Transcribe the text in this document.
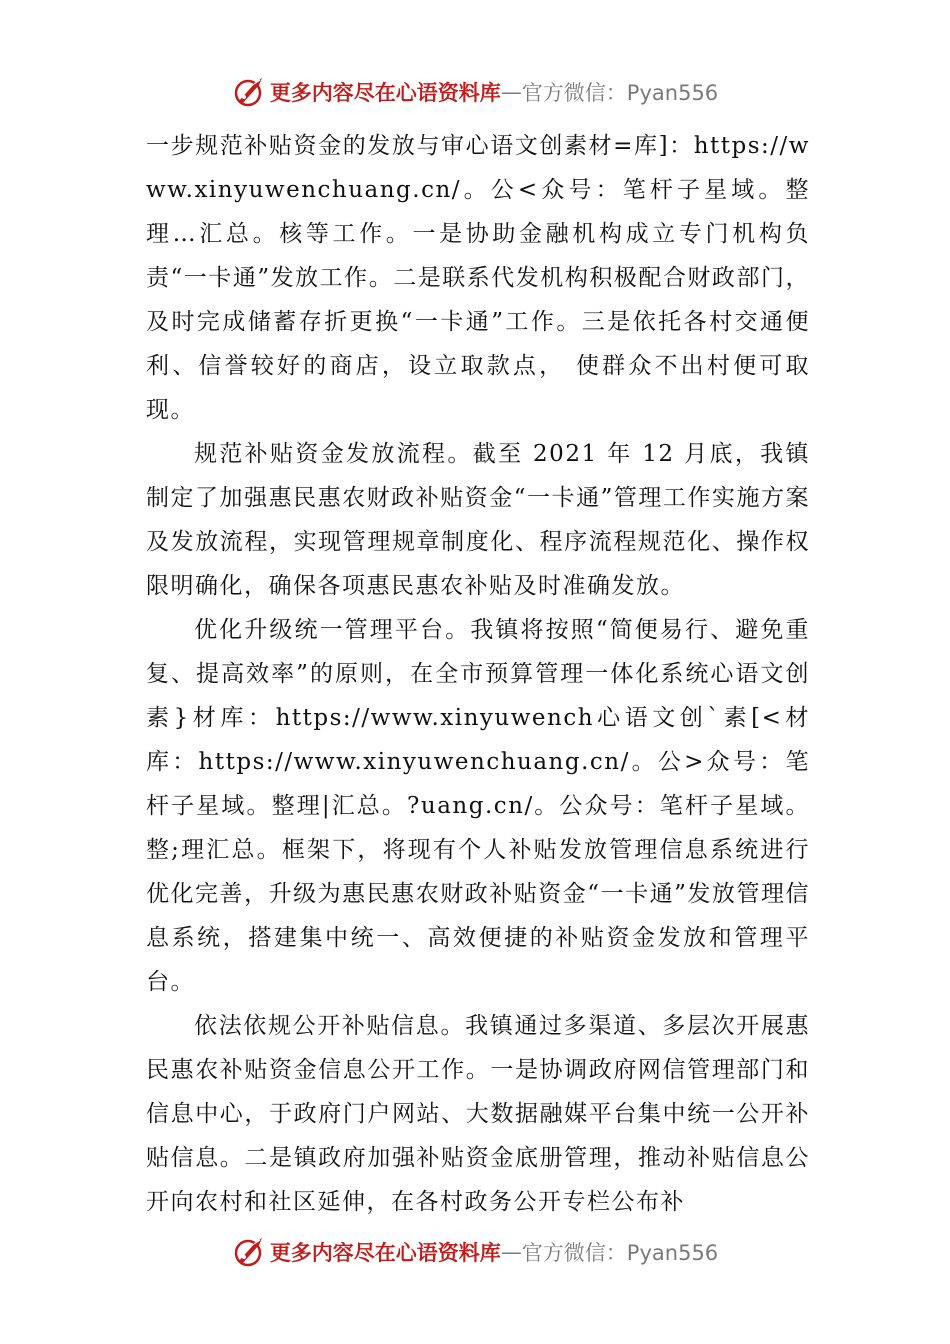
更多内容尽在心语资料库 — 官方微信：Pyan556

一步规范补贴资金的发放与审心语文创素材=库]：https://www.xinyuwenchuang.cn/。公<众号：笔杆子星域。整理…汇总。核等工作。一是协助金融机构成立专门机构负责“一卡通”发放工作。二是联系代发机构积极配合财政部门，及时完成储蓄存折更换“一卡通”工作。三是依托各村交通便利、信誉较好的商店，设立取款点， 使群众不出村便可取现。

规范补贴资金发放流程。截至 2021 年 12 月底，我镇制定了加强惠民惠农财政补贴资金“一卡通”管理工作实施方案及发放流程，实现管理规章制度化、程序流程规范化、操作权限明确化，确保各项惠民惠农补贴及时准确发放。

优化升级统一管理平台。我镇将按照“简便易行、避免重复、提高效率”的原则，在全市预算管理一体化系统心语文创素}材库：https://www.xinyuwench心语文创`素[<材库：https://www.xinyuwenchuang.cn/。公>众号：笔杆子星域。整理|汇总。?uang.cn/。公众号：笔杆子星域。整;理汇总。框架下，将现有个人补贴发放管理信息系统进行优化完善，升级为惠民惠农财政补贴资金“一卡通”发放管理信息系统，搭建集中统一、高效便捷的补贴资金发放和管理平台。

依法依规公开补贴信息。我镇通过多渠道、多层次开展惠民惠农补贴资金信息公开工作。一是协调政府网信管理部门和信息中心，于政府门户网站、大数据融媒平台集中统一公开补贴信息。二是镇政府加强补贴资金底册管理，推动补贴信息公开向农村和社区延伸，在各村政务公开专栏公布补

更多内容尽在心语资料库 — 官方微信：Pyan556
